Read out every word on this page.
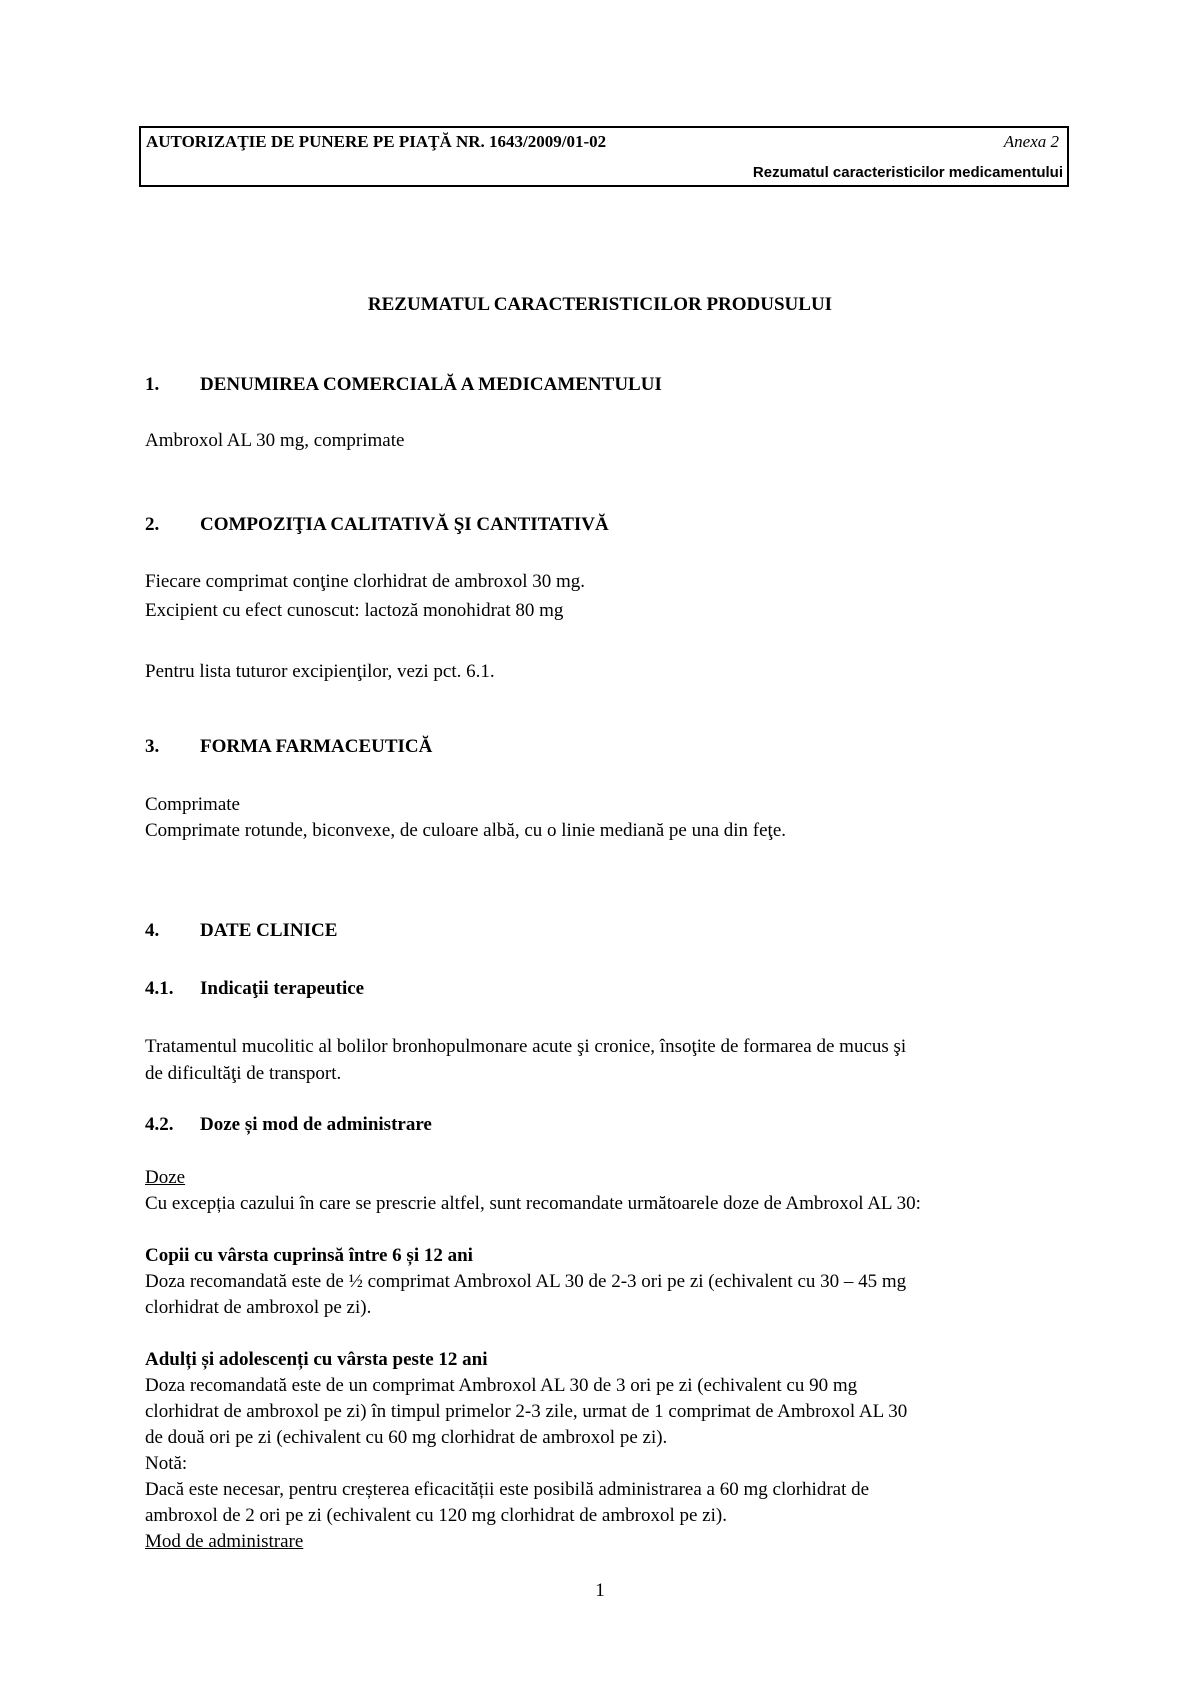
AUTORIZAŢIE DE PUNERE PE PIAŢĂ NR. 1643/2009/01-02	Anexa 2
Rezumatul caracteristicilor medicamentului
REZUMATUL CARACTERISTICILOR PRODUSULUI
1. DENUMIREA COMERCIALĂ A MEDICAMENTULUI
Ambroxol AL 30 mg, comprimate
2. COMPOZIŢIA CALITATIVĂ ŞI CANTITATIVĂ
Fiecare comprimat conţine clorhidrat de ambroxol 30 mg.
Excipient cu efect cunoscut: lactoză monohidrat 80 mg
Pentru lista tuturor excipienţilor, vezi pct. 6.1.
3. FORMA FARMACEUTICĂ
Comprimate
Comprimate rotunde, biconvexe, de culoare albă, cu o linie mediană pe una din feţe.
4. DATE CLINICE
4.1. Indicaţii terapeutice
Tratamentul mucolitic al bolilor bronhopulmonare acute şi cronice, însoţite de formarea de mucus şi
de dificultăţi de transport.
4.2. Doze și mod de administrare
Doze
Cu excepția cazului în care se prescrie altfel, sunt recomandate următoarele doze de Ambroxol AL 30:
Copii cu vârsta cuprinsă între 6 și 12 ani
Doza recomandată este de ½ comprimat Ambroxol AL 30 de 2-3 ori pe zi (echivalent cu 30 – 45 mg
clorhidrat de ambroxol pe zi).
Adulți și adolescenți cu vârsta peste 12 ani
Doza recomandată este de un comprimat Ambroxol AL 30 de 3 ori pe zi (echivalent cu 90 mg
clorhidrat de ambroxol pe zi) în timpul primelor 2-3 zile, urmat de 1 comprimat de Ambroxol AL 30
de două ori pe zi (echivalent cu 60 mg clorhidrat de ambroxol pe zi).
Notă:
Dacă este necesar, pentru creșterea eficacității este posibilă administrarea a 60 mg clorhidrat de
ambroxol de 2 ori pe zi (echivalent cu 120 mg clorhidrat de ambroxol pe zi).
Mod de administrare
1
